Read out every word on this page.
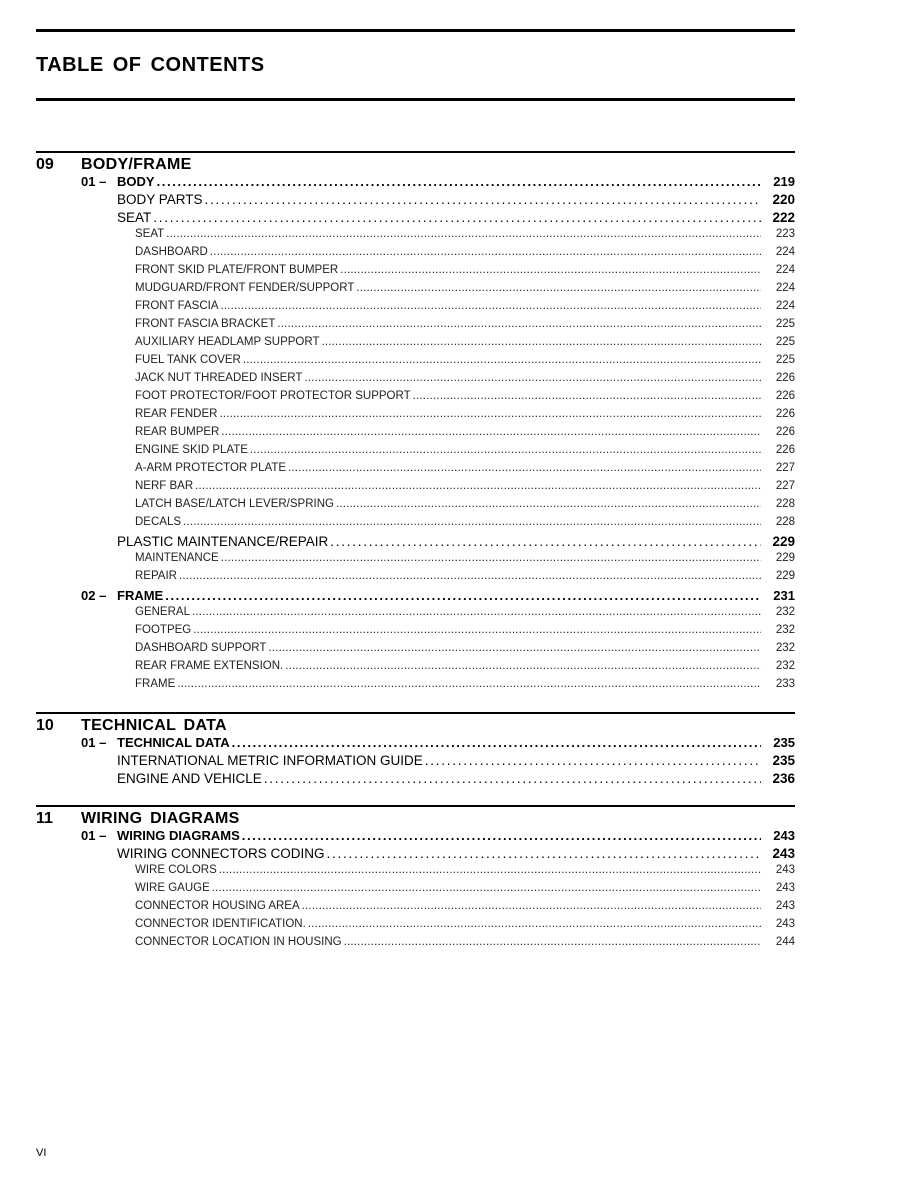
TABLE OF CONTENTS
09	BODY/FRAME
01 – BODY . . .	219
BODY PARTS . . .	220
SEAT . . .	222
SEAT . . .	223
DASHBOARD . . .	224
FRONT SKID PLATE/FRONT BUMPER . . .	224
MUDGUARD/FRONT FENDER/SUPPORT . . .	224
FRONT FASCIA . . .	224
FRONT FASCIA BRACKET . . .	225
AUXILIARY HEADLAMP SUPPORT . . .	225
FUEL TANK COVER . . .	225
JACK NUT THREADED INSERT . . .	226
FOOT PROTECTOR/FOOT PROTECTOR SUPPORT . . .	226
REAR FENDER . . .	226
REAR BUMPER . . .	226
ENGINE SKID PLATE . . .	226
A-ARM PROTECTOR PLATE . . .	227
NERF BAR . . .	227
LATCH BASE/LATCH LEVER/SPRING . . .	228
DECALS . . .	228
PLASTIC MAINTENANCE/REPAIR . . .	229
MAINTENANCE . . .	229
REPAIR . . .	229
02 – FRAME . . .	231
GENERAL . . .	232
FOOTPEG . . .	232
DASHBOARD SUPPORT . . .	232
REAR FRAME EXTENSION. . . .	232
FRAME . . .	233
10	TECHNICAL DATA
01 – TECHNICAL DATA . . .	235
INTERNATIONAL METRIC INFORMATION GUIDE . . .	235
ENGINE AND VEHICLE . . .	236
11	WIRING DIAGRAMS
01 – WIRING DIAGRAMS . . .	243
WIRING CONNECTORS CODING . . .	243
WIRE COLORS . . .	243
WIRE GAUGE . . .	243
CONNECTOR HOUSING AREA . . .	243
CONNECTOR IDENTIFICATION. . . .	243
CONNECTOR LOCATION IN HOUSING . . .	244
VI
